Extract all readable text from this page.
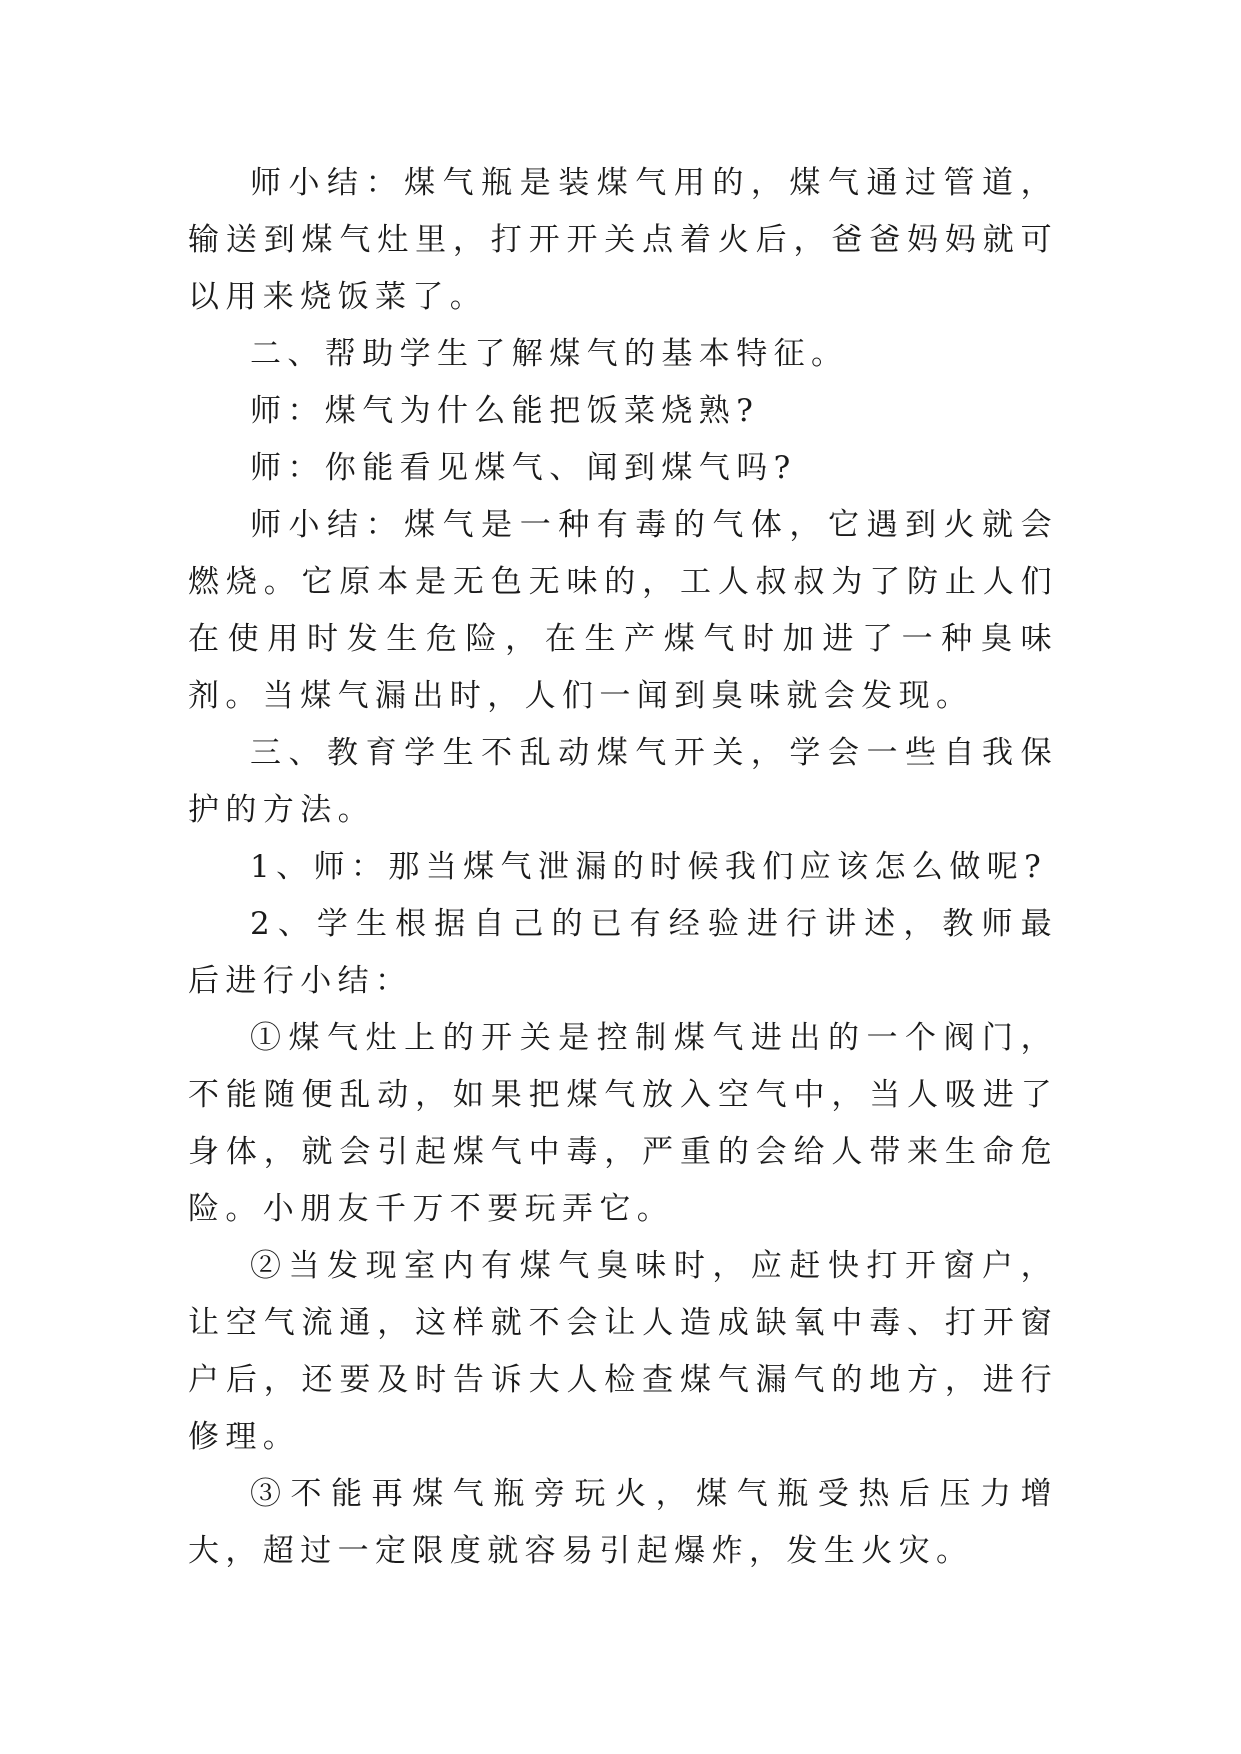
师小结：煤气瓶是装煤气用的，煤气通过管道，输送到煤气灶里，打开开关点着火后，爸爸妈妈就可以用来烧饭菜了。

二、帮助学生了解煤气的基本特征。

师：煤气为什么能把饭菜烧熟?

师：你能看见煤气、闻到煤气吗?

师小结：煤气是一种有毒的气体，它遇到火就会燃烧。它原本是无色无味的，工人叔叔为了防止人们在使用时发生危险，在生产煤气时加进了一种臭味剂。当煤气漏出时，人们一闻到臭味就会发现。

三、教育学生不乱动煤气开关，学会一些自我保护的方法。

1、师：那当煤气泄漏的时候我们应该怎么做呢?

2、学生根据自己的已有经验进行讲述，教师最后进行小结：

①煤气灶上的开关是控制煤气进出的一个阀门，不能随便乱动，如果把煤气放入空气中，当人吸进了身体，就会引起煤气中毒，严重的会给人带来生命危险。小朋友千万不要玩弄它。

②当发现室内有煤气臭味时，应赶快打开窗户，让空气流通，这样就不会让人造成缺氧中毒、打开窗户后，还要及时告诉大人检查煤气漏气的地方，进行修理。

③不能再煤气瓶旁玩火，煤气瓶受热后压力增大，超过一定限度就容易引起爆炸，发生火灾。
